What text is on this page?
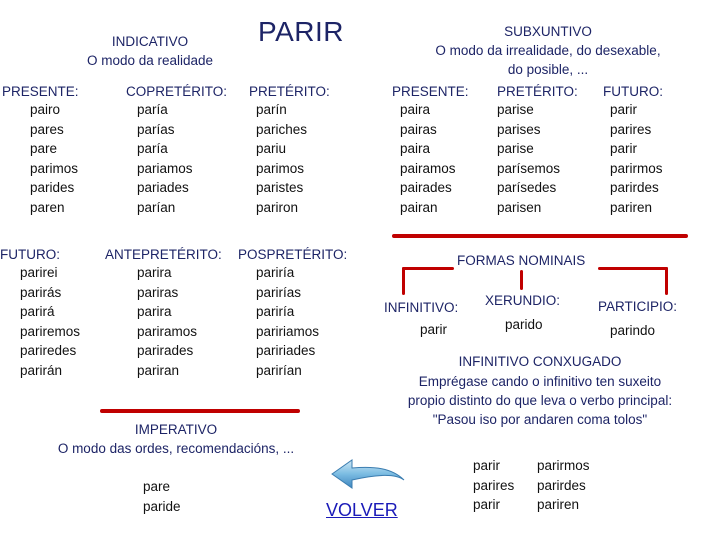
PARIR
INDICATIVO
O modo da realidade
SUBXUNTIVO
O modo da irrealidade, do desexable,
do posible, ...
PRESENTE:
pairo
pares
pare
parimos
parides
paren
COPRETÉRITO:
paría
parías
paría
pariamos
pariades
parían
PRETÉRITO:
parín
pariches
pariu
parimos
paristes
pariron
FUTURO:
parirei
parirás
parirá
pariremos
pariredes
parirán
ANTEPRETÉRITO:
parira
pariras
parira
pariramos
parirades
pariran
POSPRETÉRITO:
pariría
parirías
pariría
paririamos
paririades
parirían
PRESENTE:
paira
pairas
paira
pairamos
pairades
pairan
PRETÉRITO:
parise
parises
parise
parísemos
parísedes
parisen
FUTURO:
parir
parires
parir
parirmos
parirdes
pariren
FORMAS NOMINAIS
INFINITIVO:
parir
XERUNDIO:
parido
PARTICIPIO:
parindo
INFINITIVO CONXUGADO
Emprégase cando o infinitivo ten suxeito
propio distinto do que leva o verbo principal:
"Pasou iso por andaren coma tolos"
parir
parires
parir
parirmos
parirdes
pariren
IMPERATIVO
O modo das ordes, recomendacións, ...
pare
paride	VOLVER
